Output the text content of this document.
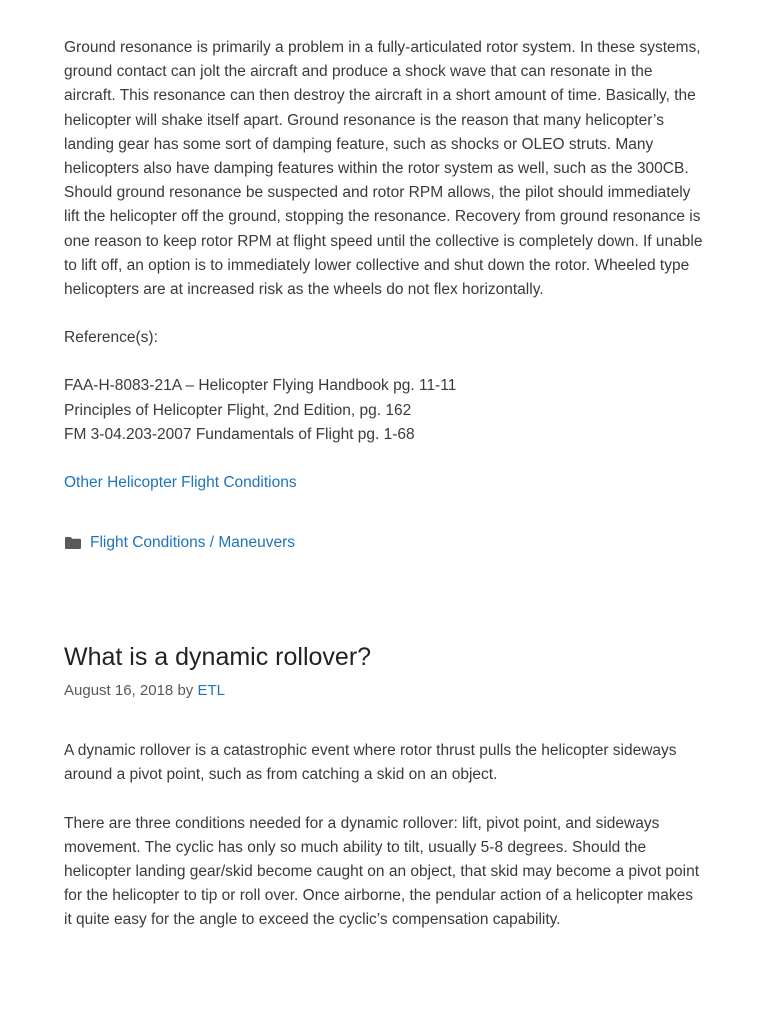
Ground resonance is primarily a problem in a fully-articulated rotor system. In these systems, ground contact can jolt the aircraft and produce a shock wave that can resonate in the aircraft. This resonance can then destroy the aircraft in a short amount of time. Basically, the helicopter will shake itself apart. Ground resonance is the reason that many helicopter’s landing gear has some sort of damping feature, such as shocks or OLEO struts. Many helicopters also have damping features within the rotor system as well, such as the 300CB. Should ground resonance be suspected and rotor RPM allows, the pilot should immediately lift the helicopter off the ground, stopping the resonance. Recovery from ground resonance is one reason to keep rotor RPM at flight speed until the collective is completely down. If unable to lift off, an option is to immediately lower collective and shut down the rotor. Wheeled type helicopters are at increased risk as the wheels do not flex horizontally.

Reference(s):

FAA-H-8083-21A – Helicopter Flying Handbook pg. 11-11

Principles of Helicopter Flight, 2nd Edition, pg. 162

FM 3-04.203-2007 Fundamentals of Flight pg. 1-68

Other Helicopter Flight Conditions

Flight Conditions / Maneuvers
What is a dynamic rollover?
August 16, 2018 by ETL

A dynamic rollover is a catastrophic event where rotor thrust pulls the helicopter sideways around a pivot point, such as from catching a skid on an object.

There are three conditions needed for a dynamic rollover: lift, pivot point, and sideways movement. The cyclic has only so much ability to tilt, usually 5-8 degrees. Should the helicopter landing gear/skid become caught on an object, that skid may become a pivot point for the helicopter to tip or roll over. Once airborne, the pendular action of a helicopter makes it quite easy for the angle to exceed the cyclic’s compensation capability.
